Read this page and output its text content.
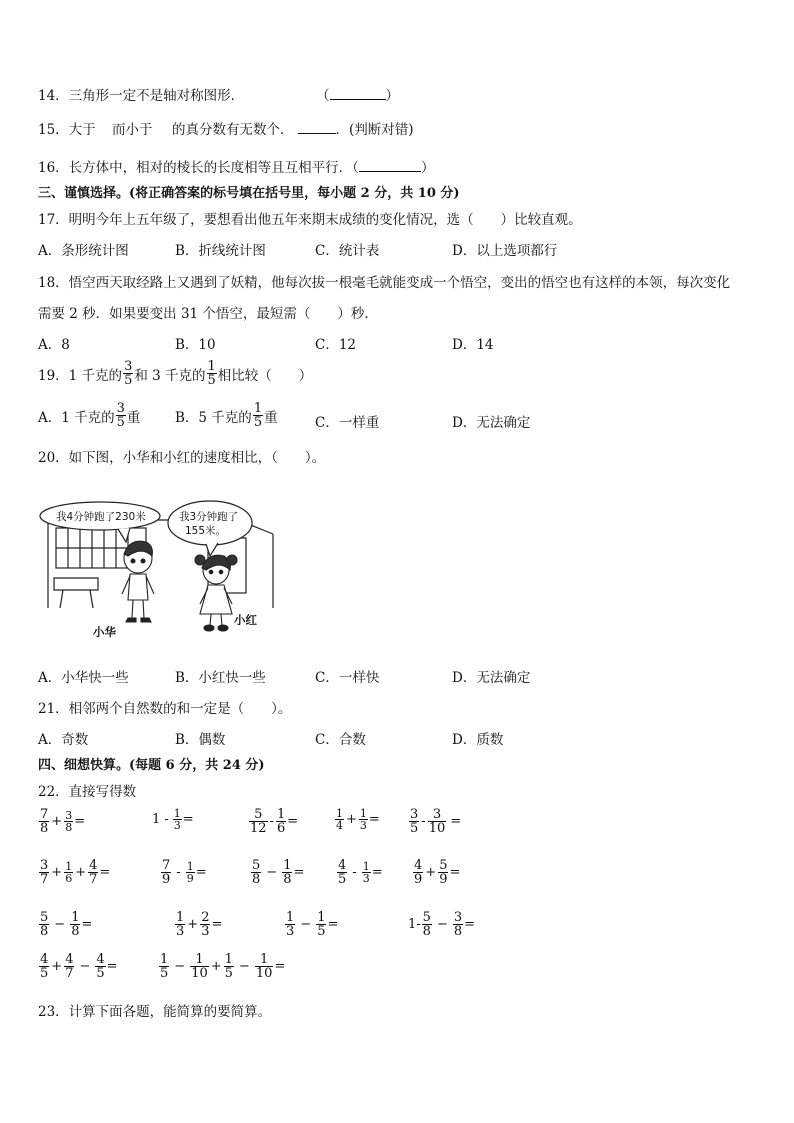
14．三角形一定不是轴对称图形．	（	）
15．大于 而小于 的真分数有无数个．	．(判断对错)
16．长方体中，相对的棱长的长度相等且互相平行．（	）
三、谨慎选择。(将正确答案的标号填在括号里，每小题 2 分，共 10 分)
17．明明今年上五年级了，要想看出他五年来期末成绩的变化情况，选（　　）比较直观。
A．条形统计图	B．折线统计图	C．统计表	D．以上选项都行
18．悟空西天取经路上又遇到了妖精，他每次拔一根毫毛就能变成一个悟空，变出的悟空也有这样的本领，每次变化
需要 2 秒．如果要变出 31 个悟空，最短需（　　）秒．
A．8	B．10	C．12	D．14
19．1 千克的 $\frac{3}{5}$ 和 3 千克的 $\frac{1}{5}$ 相比较（　　）
A．1 千克的 $\frac{3}{5}$ 重	B．5 千克的 $\frac{1}{5}$ 重	C．一样重	D．无法确定
20．如下图，小华和小红的速度相比，（　　）。
我4分钟跑了230米	我3分钟跑了
155米。
小华
小红
A．小华快一些	B．小红快一些	C．一样快	D．无法确定
21．相邻两个自然数的和一定是（　　）。
A．奇数	B．偶数	C．合数	D．质数
四、细想快算。(每题 6 分，共 24 分)
22．直接写得数
$\frac{7}{8} + \frac{3}{8}$ =	$1 - \frac{1}{3}$ =	$\frac{5}{12} - \frac{1}{6}$ =	$\frac{1}{4} + \frac{1}{3} = \frac{3}{5} - \frac{3}{10}$ =
$\frac{3}{7} + \frac{1}{6} + \frac{4}{7}$ =	$\frac{7}{9} - \frac{1}{9}$ =	$\frac{5}{8} - \frac{1}{8}$ =	$\frac{4}{5} - \frac{1}{3} = \frac{4}{9} + \frac{5}{9}$ =
$\frac{5}{8} - \frac{1}{8}$ =	$\frac{1}{3} + \frac{2}{3}$ =	$\frac{1}{3} - \frac{1}{5}$ =	$1- \frac{5}{8} - \frac{3}{8}$ =
$\frac{4}{5} + \frac{4}{7} - \frac{4}{5}$ =	$\frac{1}{5} - \frac{1}{10} + \frac{1}{5} - \frac{1}{10}$ =
23．计算下面各题，能简算的要简算。
